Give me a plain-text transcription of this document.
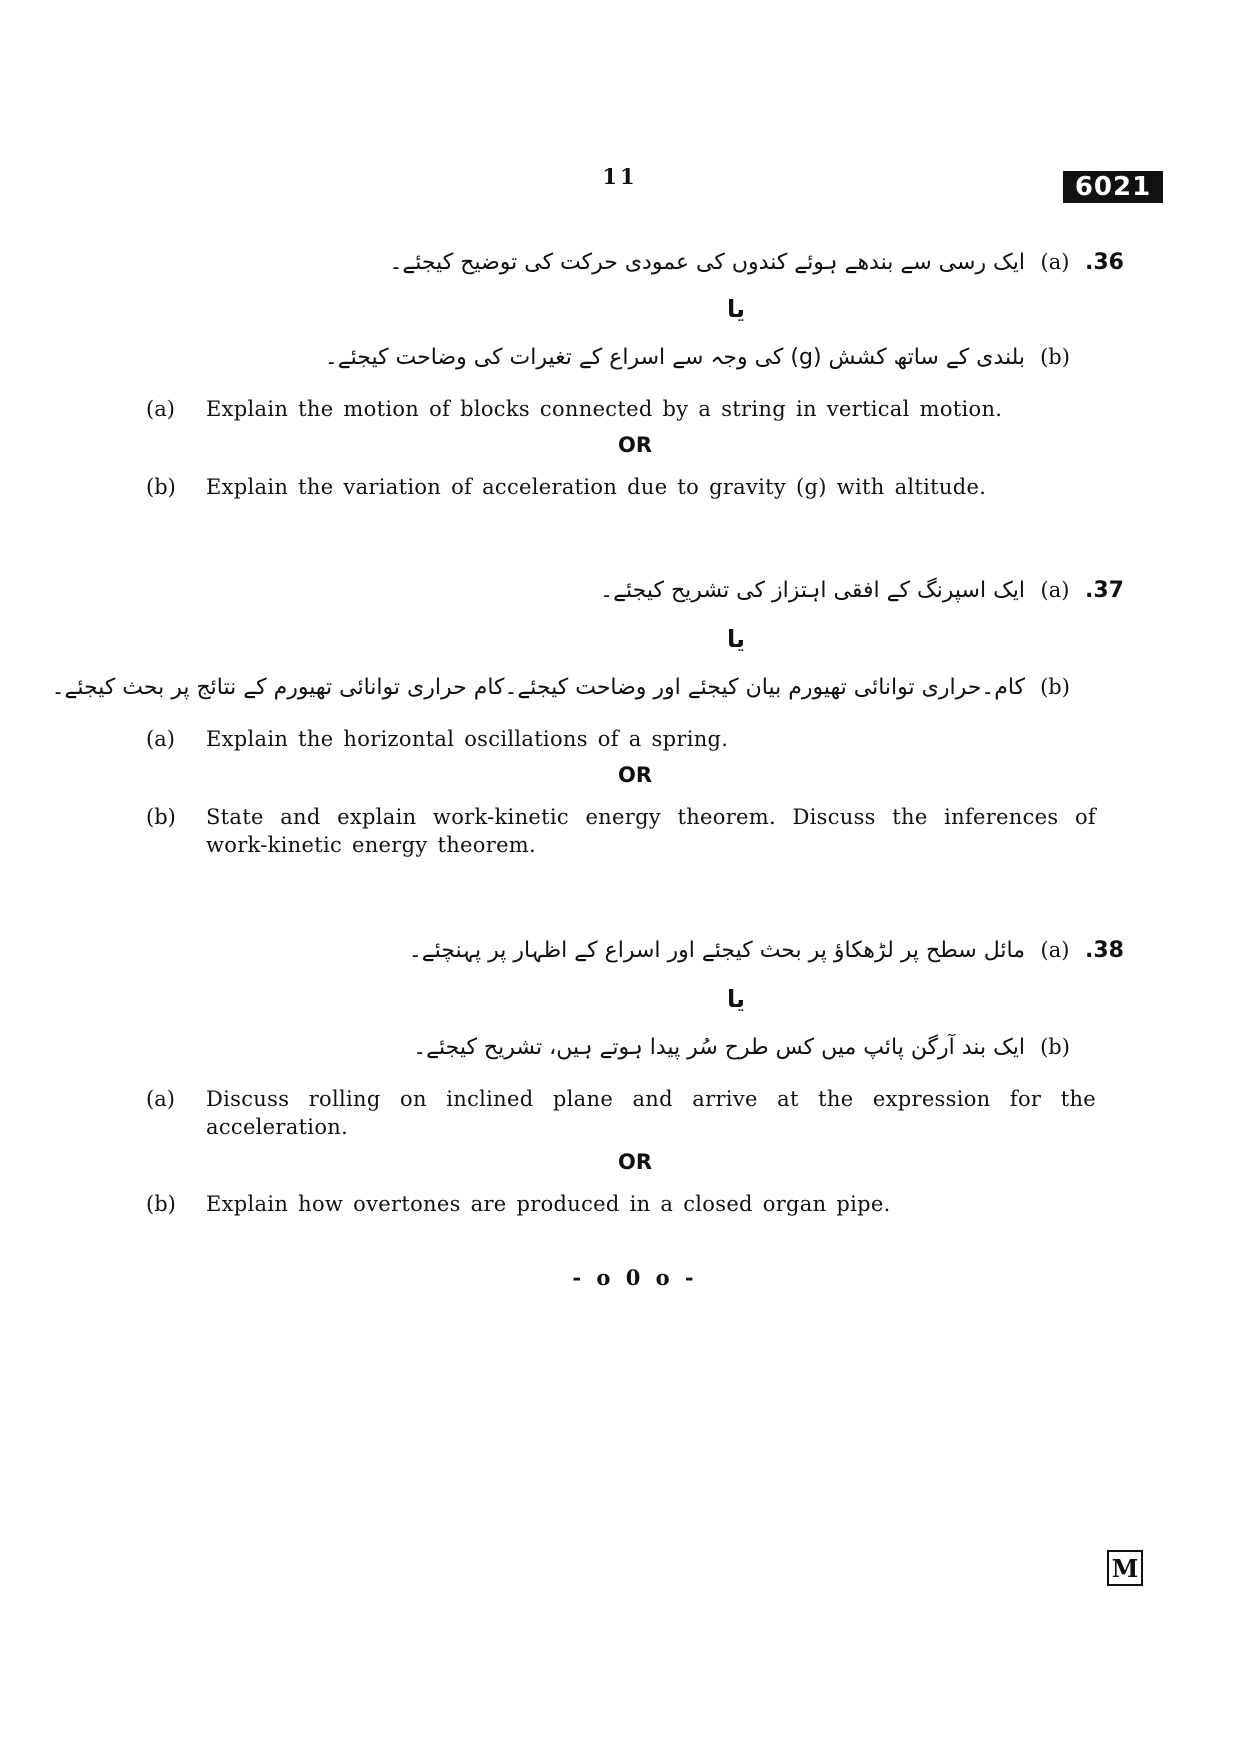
11	6021
.36
(a)
ایک رسی سے بندھے ہوئے کندوں کی عمودی حرکت کی توضیح کیجئے۔
یا
(b)
بلندی کے ساتھ کشش (g) کی وجہ سے اسراع کے تغیرات کی وضاحت کیجئے۔
(a)	Explain the motion of blocks connected by a string in vertical motion.
OR
(b)	Explain the variation of acceleration due to gravity (g) with altitude.
.37
(a)
ایک اسپرنگ کے افقی اہتزاز کی تشریح کیجئے۔
یا
(b)
کام۔حراری توانائی تھیورم بیان کیجئے اور وضاحت کیجئے۔کام حراری توانائی تھیورم کے نتائج پر بحث کیجئے۔
(a)	Explain the horizontal oscillations of a spring.
OR
(b)	State and explain work-kinetic energy theorem. Discuss the inferences of work-kinetic energy theorem.
.38
(a)
مائل سطح پر لڑھکاؤ پر بحث کیجئے اور اسراع کے اظہار پر پہنچئے۔
یا
(b)
ایک بند آرگن پائپ میں کس طرح سُر پیدا ہوتے ہیں، تشریح کیجئے۔
(a)	Discuss rolling on inclined plane and arrive at the expression for the acceleration.
OR
(b)	Explain how overtones are produced in a closed organ pipe.
- o 0 o -
M
